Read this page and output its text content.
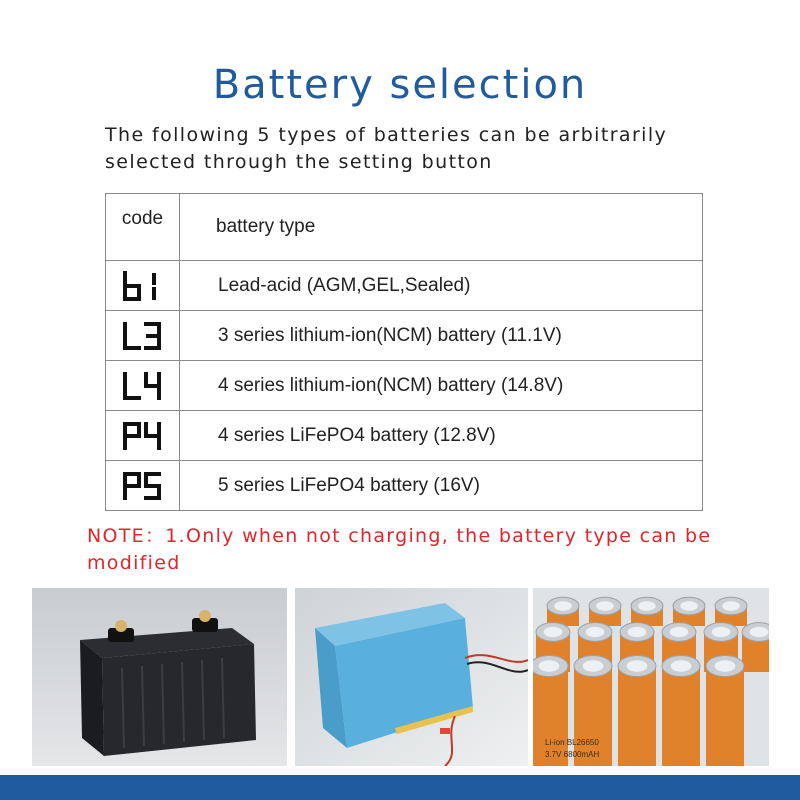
Battery selection
The following 5 types of batteries can be arbitrarily selected through the setting button
code	battery type

	Lead-acid (AGM,GEL,Sealed)

	3 series lithium-ion(NCM) battery (11.1V)

	4 series lithium-ion(NCM) battery (14.8V)

	4 series LiFePO4 battery (12.8V)

	5 series LiFePO4 battery (16V)
NOTE：1.Only when not charging, the battery type can be modified
Li-ion BL26650
3.7V 6800mAH
